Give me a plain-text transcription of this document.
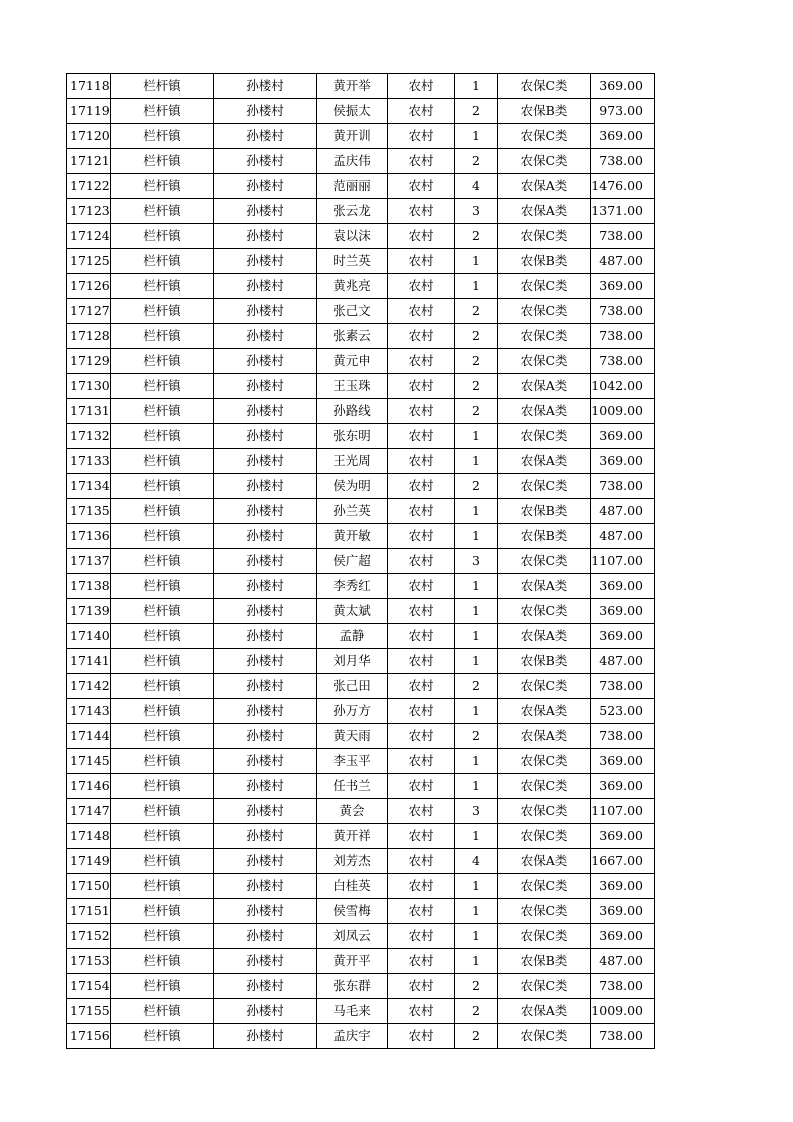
17118	栏杆镇	孙楼村	黄开举	农村	1	农保C类	369.00
17119	栏杆镇	孙楼村	侯振太	农村	2	农保B类	973.00
17120	栏杆镇	孙楼村	黄开训	农村	1	农保C类	369.00
17121	栏杆镇	孙楼村	孟庆伟	农村	2	农保C类	738.00
17122	栏杆镇	孙楼村	范丽丽	农村	4	农保A类	1476.00
17123	栏杆镇	孙楼村	张云龙	农村	3	农保A类	1371.00
17124	栏杆镇	孙楼村	袁以沫	农村	2	农保C类	738.00
17125	栏杆镇	孙楼村	时兰英	农村	1	农保B类	487.00
17126	栏杆镇	孙楼村	黄兆亮	农村	1	农保C类	369.00
17127	栏杆镇	孙楼村	张己文	农村	2	农保C类	738.00
17128	栏杆镇	孙楼村	张素云	农村	2	农保C类	738.00
17129	栏杆镇	孙楼村	黄元申	农村	2	农保C类	738.00
17130	栏杆镇	孙楼村	王玉珠	农村	2	农保A类	1042.00
17131	栏杆镇	孙楼村	孙路线	农村	2	农保A类	1009.00
17132	栏杆镇	孙楼村	张东明	农村	1	农保C类	369.00
17133	栏杆镇	孙楼村	王光周	农村	1	农保A类	369.00
17134	栏杆镇	孙楼村	侯为明	农村	2	农保C类	738.00
17135	栏杆镇	孙楼村	孙兰英	农村	1	农保B类	487.00
17136	栏杆镇	孙楼村	黄开敏	农村	1	农保B类	487.00
17137	栏杆镇	孙楼村	侯广超	农村	3	农保C类	1107.00
17138	栏杆镇	孙楼村	李秀红	农村	1	农保A类	369.00
17139	栏杆镇	孙楼村	黄太斌	农村	1	农保C类	369.00
17140	栏杆镇	孙楼村	孟静	农村	1	农保A类	369.00
17141	栏杆镇	孙楼村	刘月华	农村	1	农保B类	487.00
17142	栏杆镇	孙楼村	张己田	农村	2	农保C类	738.00
17143	栏杆镇	孙楼村	孙万方	农村	1	农保A类	523.00
17144	栏杆镇	孙楼村	黄天雨	农村	2	农保A类	738.00
17145	栏杆镇	孙楼村	李玉平	农村	1	农保C类	369.00
17146	栏杆镇	孙楼村	任书兰	农村	1	农保C类	369.00
17147	栏杆镇	孙楼村	黄会	农村	3	农保C类	1107.00
17148	栏杆镇	孙楼村	黄开祥	农村	1	农保C类	369.00
17149	栏杆镇	孙楼村	刘芳杰	农村	4	农保A类	1667.00
17150	栏杆镇	孙楼村	白桂英	农村	1	农保C类	369.00
17151	栏杆镇	孙楼村	侯雪梅	农村	1	农保C类	369.00
17152	栏杆镇	孙楼村	刘凤云	农村	1	农保C类	369.00
17153	栏杆镇	孙楼村	黄开平	农村	1	农保B类	487.00
17154	栏杆镇	孙楼村	张东群	农村	2	农保C类	738.00
17155	栏杆镇	孙楼村	马毛来	农村	2	农保A类	1009.00
17156	栏杆镇	孙楼村	孟庆宇	农村	2	农保C类	738.00
